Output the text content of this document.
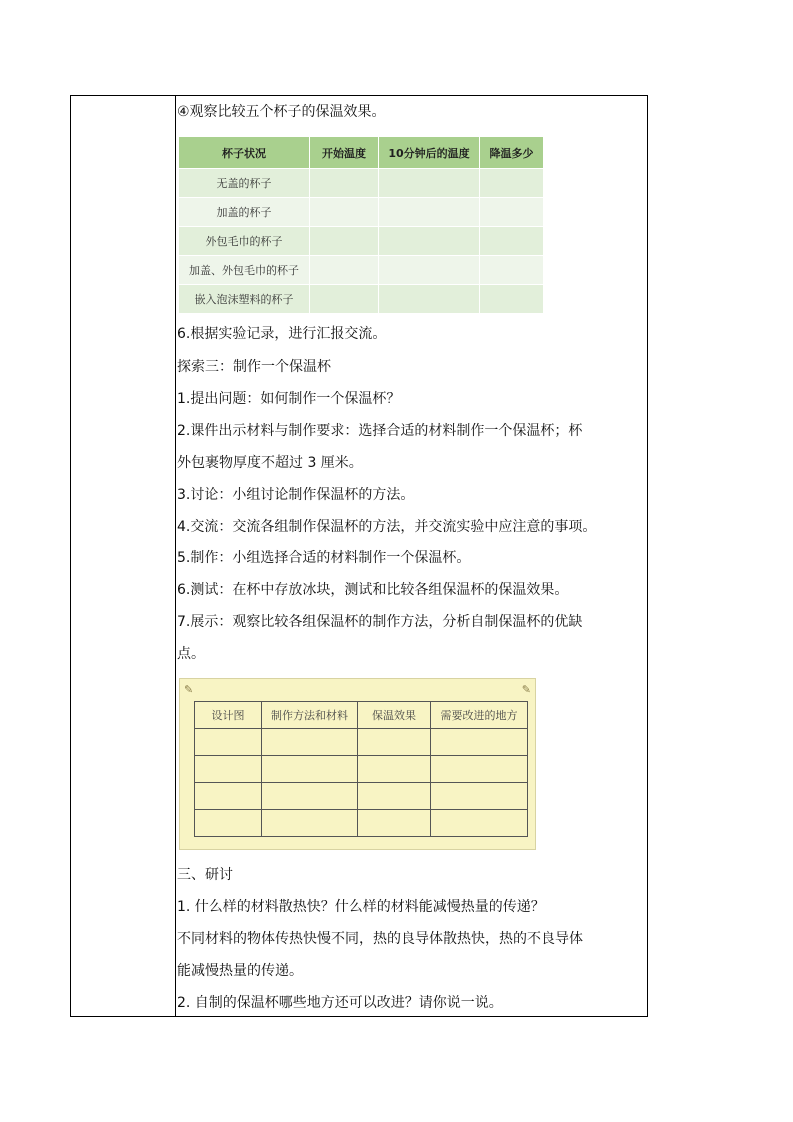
④观察比较五个杯子的保温效果。
杯子状况	开始温度	10分钟后的温度	降温多少
无盖的杯子			
加盖的杯子			
外包毛巾的杯子			
加盖、外包毛巾的杯子			
嵌入泡沫塑料的杯子			
6.根据实验记录，进行汇报交流。
探索三：制作一个保温杯
1.提出问题：如何制作一个保温杯？
2.课件出示材料与制作要求：选择合适的材料制作一个保温杯；杯
外包裹物厚度不超过 3 厘米。
3.讨论：小组讨论制作保温杯的方法。
4.交流：交流各组制作保温杯的方法，并交流实验中应注意的事项。
5.制作：小组选择合适的材料制作一个保温杯。
6.测试：在杯中存放冰块，测试和比较各组保温杯的保温效果。
7.展示：观察比较各组保温杯的制作方法，分析自制保温杯的优缺
点。
✎	✎
设计图	制作方法和材料	保温效果	需要改进的地方

三、研讨
1. 什么样的材料散热快？什么样的材料能减慢热量的传递？
不同材料的物体传热快慢不同，热的良导体散热快，热的不良导体
能减慢热量的传递。
2. 自制的保温杯哪些地方还可以改进？请你说一说。
